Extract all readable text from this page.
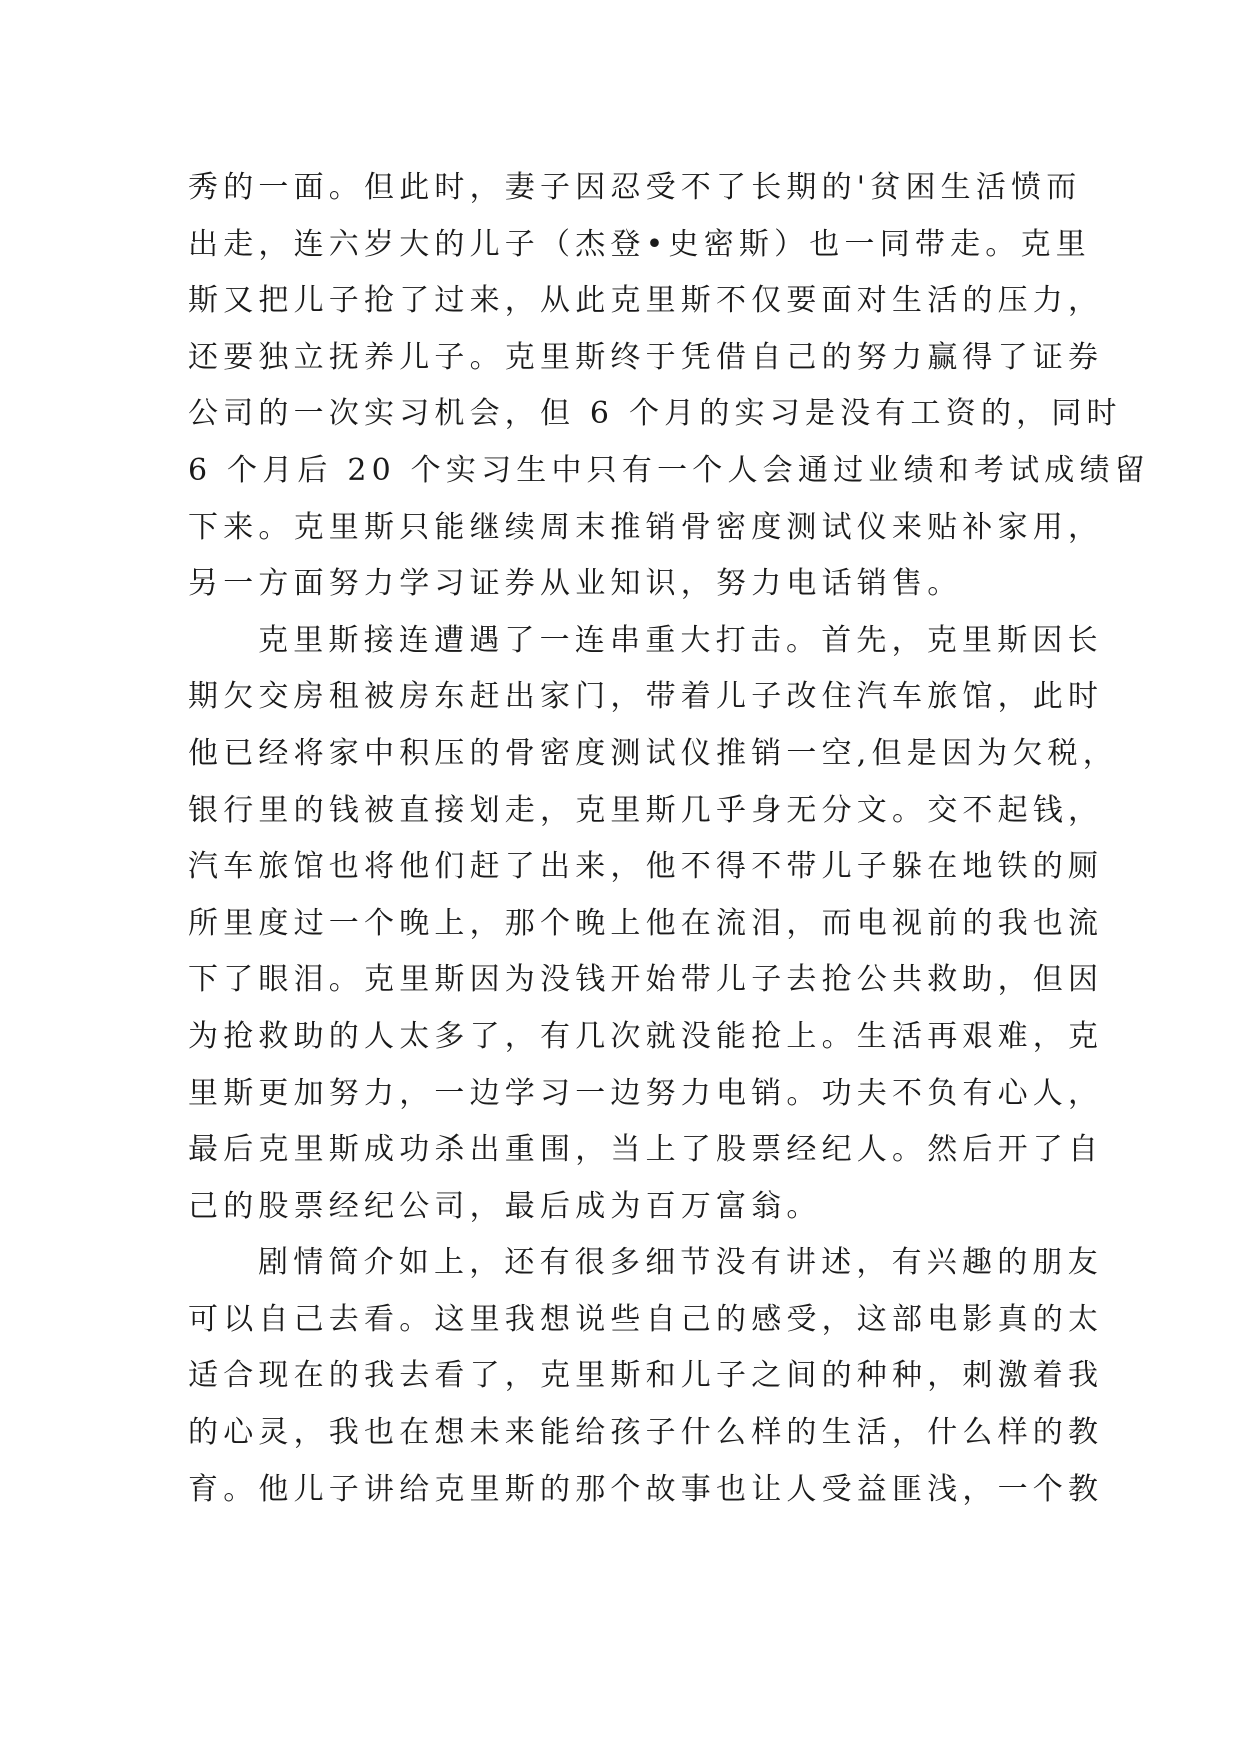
秀的一面。但此时，妻子因忍受不了长期的'贫困生活愤而
出走，连六岁大的儿子（杰登•史密斯）也一同带走。克里
斯又把儿子抢了过来，从此克里斯不仅要面对生活的压力，
还要独立抚养儿子。克里斯终于凭借自己的努力赢得了证券
公司的一次实习机会，但 6 个月的实习是没有工资的，同时
6 个月后 20 个实习生中只有一个人会通过业绩和考试成绩留
下来。克里斯只能继续周末推销骨密度测试仪来贴补家用，
另一方面努力学习证券从业知识，努力电话销售。
克里斯接连遭遇了一连串重大打击。首先，克里斯因长
期欠交房租被房东赶出家门，带着儿子改住汽车旅馆，此时
他已经将家中积压的骨密度测试仪推销一空,但是因为欠税，
银行里的钱被直接划走，克里斯几乎身无分文。交不起钱，
汽车旅馆也将他们赶了出来，他不得不带儿子躲在地铁的厕
所里度过一个晚上，那个晚上他在流泪，而电视前的我也流
下了眼泪。克里斯因为没钱开始带儿子去抢公共救助，但因
为抢救助的人太多了，有几次就没能抢上。生活再艰难，克
里斯更加努力，一边学习一边努力电销。功夫不负有心人，
最后克里斯成功杀出重围，当上了股票经纪人。然后开了自
己的股票经纪公司，最后成为百万富翁。
剧情简介如上，还有很多细节没有讲述，有兴趣的朋友
可以自己去看。这里我想说些自己的感受，这部电影真的太
适合现在的我去看了，克里斯和儿子之间的种种，刺激着我
的心灵，我也在想未来能给孩子什么样的生活，什么样的教
育。他儿子讲给克里斯的那个故事也让人受益匪浅，一个教
